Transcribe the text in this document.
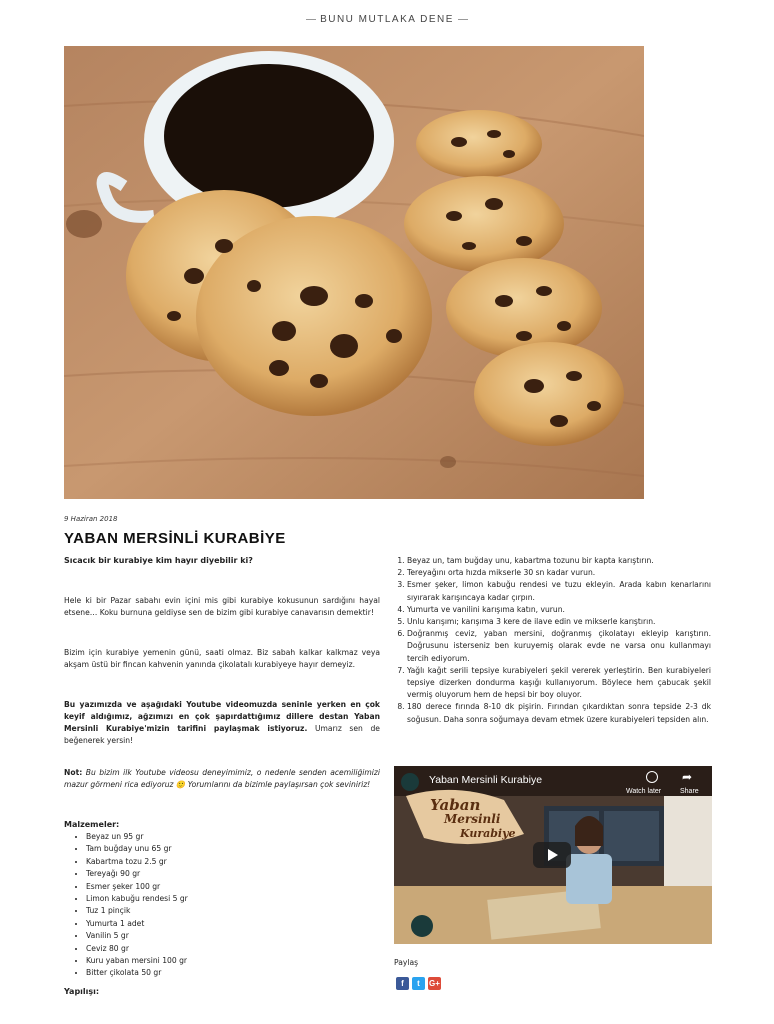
BUNU MUTLAKA DENE
9 Haziran 2018
YABAN MERSİNLİ KURABİYE

Sıcacık bir kurabiye kim hayır diyebilir ki?

Hele ki bir Pazar sabahı evin içini mis gibi kurabiye kokusunun sardığını hayal etsene… Koku burnuna geldiyse sen de bizim gibi kurabiye canavarısın demektir!

Bizim için kurabiye yemenin günü, saati olmaz. Biz sabah kalkar kalkmaz veya akşam üstü bir fincan kahvenin yanında çikolatalı kurabiyeye hayır demeyiz.

Bu yazımızda ve aşağıdaki Youtube videomuzda seninle yerken en çok keyif aldığımız, ağzımızı en çok şapırdattığımız dillere destan Yaban Mersinli Kurabiye'mizin tarifini paylaşmak istiyoruz. Umarız sen de beğenerek yersin!

Not: Bu bizim ilk Youtube videosu deneyimimiz, o nedenle senden acemiliğimizi mazur görmeni rica ediyoruz 🙂 Yorumlarını da bizimle paylaşırsan çok seviniriz!

Malzemeler:

• Beyaz un 95 gr
• Tam buğday unu 65 gr
• Kabartma tozu 2.5 gr
• Tereyağı 90 gr
• Esmer şeker 100 gr
• Limon kabuğu rendesi 5 gr
• Tuz 1 pinçik
• Yumurta 1 adet
• Vanilin 5 gr
• Ceviz 80 gr
• Kuru yaban mersini 100 gr
• Bitter çikolata 50 gr

Yapılışı:

1. Beyaz un, tam buğday unu, kabartma tozunu bir kapta karıştırın.
2. Tereyağını orta hızda mikserle 30 sn kadar vurun.
3. Esmer şeker, limon kabuğu rendesi ve tuzu ekleyin. Arada kabın kenarlarını sıyırarak karışıncaya kadar çırpın.
4. Yumurta ve vanilini karışıma katın, vurun.
5. Unlu karışımı; karışıma 3 kere de ilave edin ve mikserle karıştırın.
6. Doğranmış ceviz, yaban mersini, doğranmış çikolatayı ekleyip karıştırın. Doğrusunu isterseniz ben kuruyemiş olarak evde ne varsa onu kullanmayı tercih ediyorum.
7. Yağlı kağıt serili tepsiye kurabiyeleri şekil vererek yerleştirin. Ben kurabiyeleri tepsiye dizerken dondurma kaşığı kullanıyorum. Böylece hem çabucak şekil vermiş oluyorum hem de hepsi bir boy oluyor.
8. 180 derece fırında 8-10 dk pişirin. Fırından çıkardıktan sonra tepside 2-3 dk soğusun. Daha sonra soğumaya devam etmek üzere kurabiyeleri tepsiden alın.
Yaban Mersinli Kurabiye
Watch later
➦
Share
Yaban
Mersinli
Kurabiye
Paylaş
f	t	G+
